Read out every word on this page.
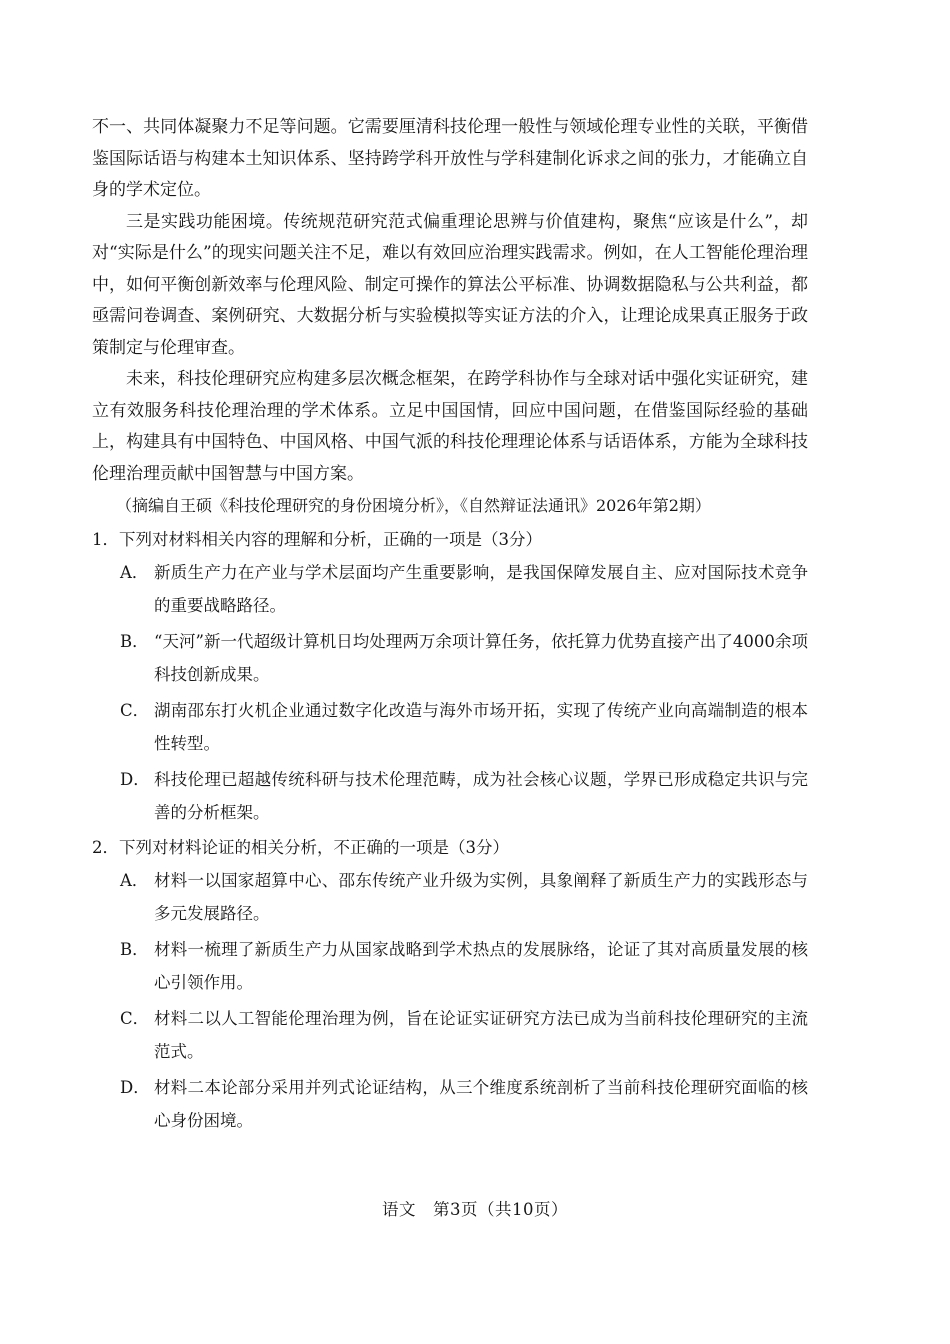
不一、共同体凝聚力不足等问题。它需要厘清科技伦理一般性与领域伦理专业性的关联，平衡借鉴国际话语与构建本土知识体系、坚持跨学科开放性与学科建制化诉求之间的张力，才能确立自身的学术定位。

三是实践功能困境。传统规范研究范式偏重理论思辨与价值建构，聚焦“应该是什么”，却对“实际是什么”的现实问题关注不足，难以有效回应治理实践需求。例如，在人工智能伦理治理中，如何平衡创新效率与伦理风险、制定可操作的算法公平标准、协调数据隐私与公共利益，都亟需问卷调查、案例研究、大数据分析与实验模拟等实证方法的介入，让理论成果真正服务于政策制定与伦理审查。

未来，科技伦理研究应构建多层次概念框架，在跨学科协作与全球对话中强化实证研究，建立有效服务科技伦理治理的学术体系。立足中国国情，回应中国问题，在借鉴国际经验的基础上，构建具有中国特色、中国风格、中国气派的科技伦理理论体系与话语体系，方能为全球科技伦理治理贡献中国智慧与中国方案。

（摘编自王硕《科技伦理研究的身份困境分析》，《自然辩证法通讯》2026年第2期）

1．下列对材料相关内容的理解和分析，正确的一项是（3分）

A． 新质生产力在产业与学术层面均产生重要影响，是我国保障发展自主、应对国际技术竞争的重要战略路径。
B． “天河”新一代超级计算机日均处理两万余项计算任务，依托算力优势直接产出了4000余项科技创新成果。
C． 湖南邵东打火机企业通过数字化改造与海外市场开拓，实现了传统产业向高端制造的根本性转型。
D． 科技伦理已超越传统科研与技术伦理范畴，成为社会核心议题，学界已形成稳定共识与完善的分析框架。

2．下列对材料论证的相关分析，不正确的一项是（3分）

A． 材料一以国家超算中心、邵东传统产业升级为实例，具象阐释了新质生产力的实践形态与多元发展路径。
B． 材料一梳理了新质生产力从国家战略到学术热点的发展脉络，论证了其对高质量发展的核心引领作用。
C． 材料二以人工智能伦理治理为例，旨在论证实证研究方法已成为当前科技伦理研究的主流范式。
D． 材料二本论部分采用并列式论证结构，从三个维度系统剖析了当前科技伦理研究面临的核心身份困境。
语文　第3页（共10页）
